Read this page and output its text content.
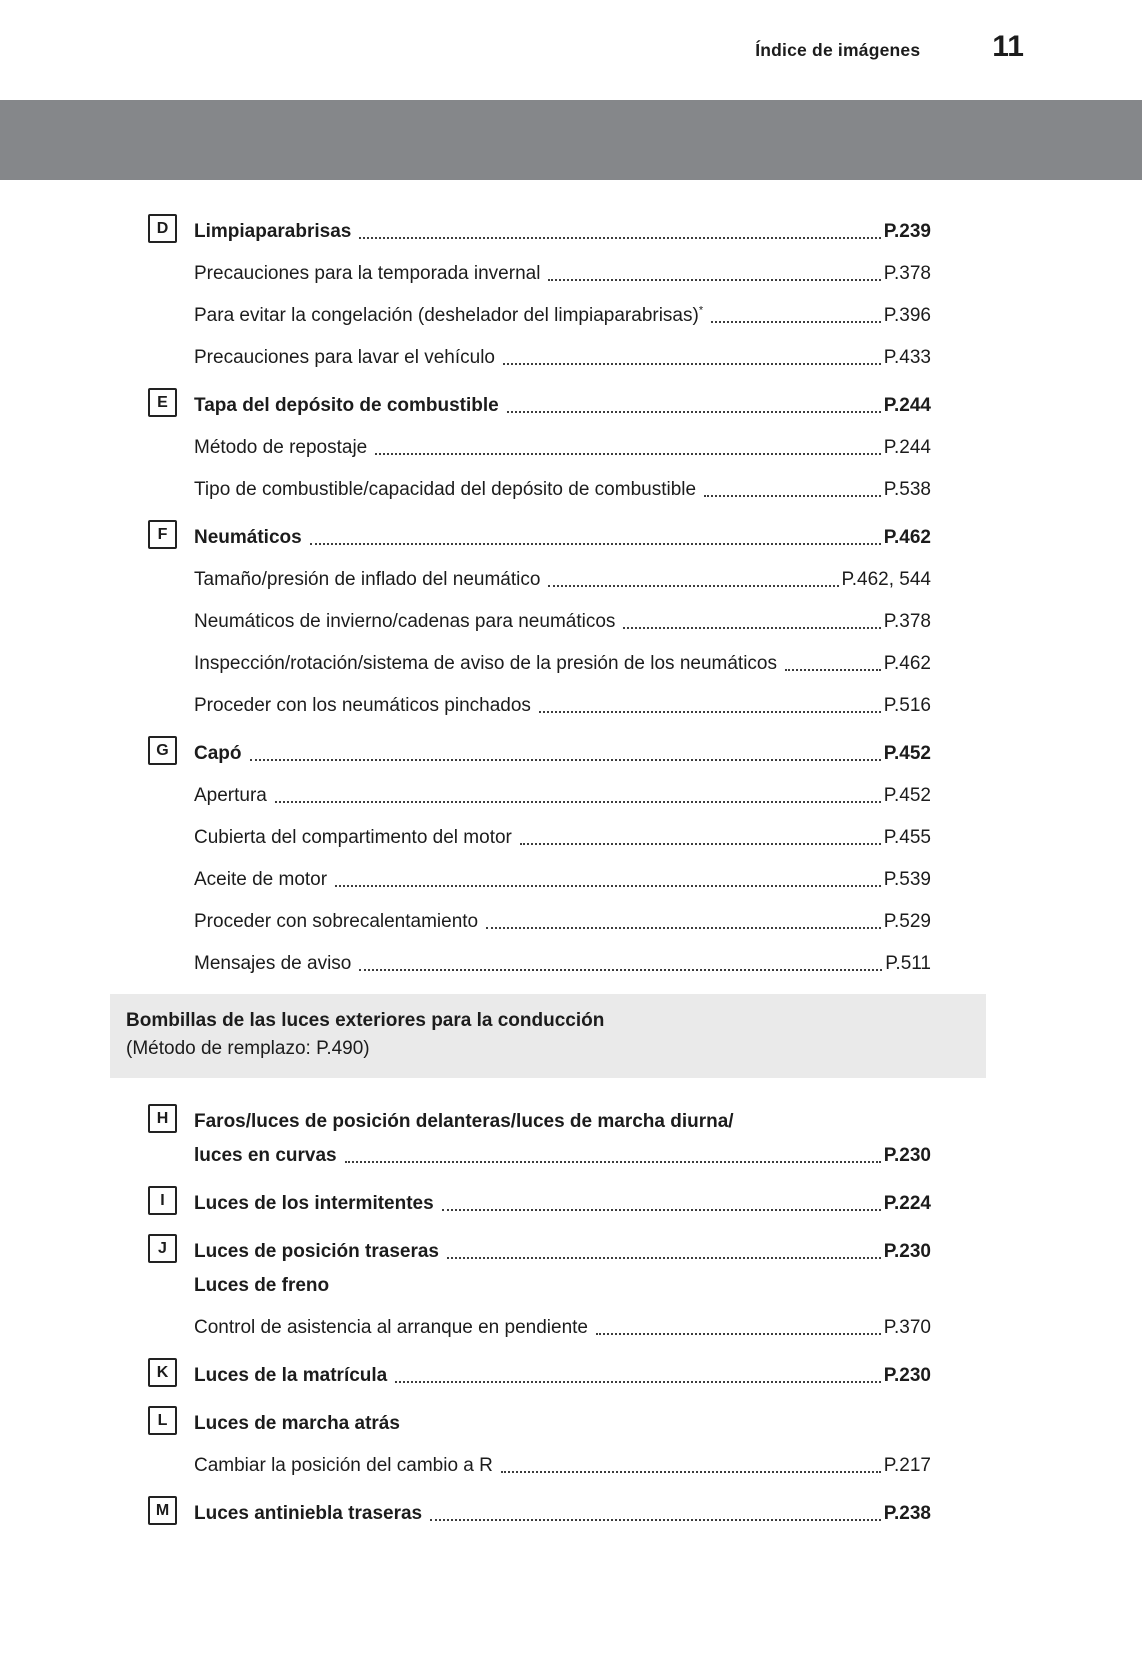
Índice de imágenes 11
D	Limpiaparabrisas	P.239
Precauciones para la temporada invernal	P.378
Para evitar la congelación (deshelador del limpiaparabrisas)*	P.396
Precauciones para lavar el vehículo	P.433
E	Tapa del depósito de combustible	P.244
Método de repostaje	P.244
Tipo de combustible/capacidad del depósito de combustible	P.538
F	Neumáticos	P.462
Tamaño/presión de inflado del neumático	P.462, 544
Neumáticos de invierno/cadenas para neumáticos	P.378
Inspección/rotación/sistema de aviso de la presión de los neumáticos	P.462
Proceder con los neumáticos pinchados	P.516
G	Capó	P.452
Apertura	P.452
Cubierta del compartimento del motor	P.455
Aceite de motor	P.539
Proceder con sobrecalentamiento	P.529
Mensajes de aviso	P.511
Bombillas de las luces exteriores para la conducción
(Método de remplazo: P.490)
H	Faros/luces de posición delanteras/luces de marcha diurna/
luces en curvas	P.230
I	Luces de los intermitentes	P.224
J	Luces de posición traseras	P.230
Luces de freno
Control de asistencia al arranque en pendiente	P.370
K	Luces de la matrícula	P.230
L	Luces de marcha atrás
Cambiar la posición del cambio a R	P.217
M	Luces antiniebla traseras	P.238
